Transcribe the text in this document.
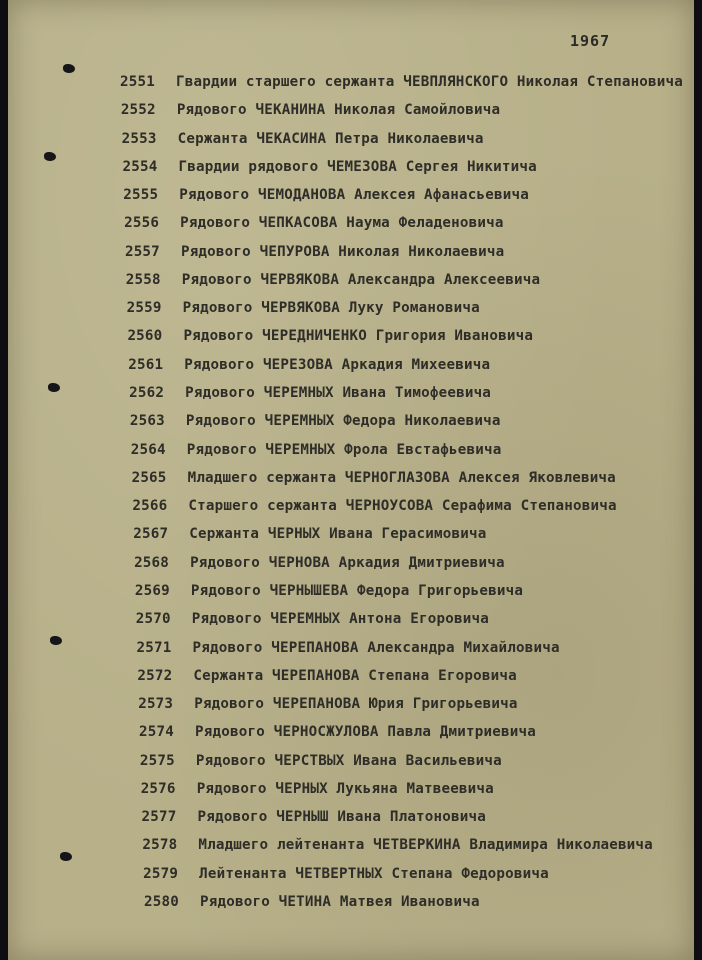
1967
2551 Гвардии старшего сержанта ЧЕВПЛЯНСКОГО Николая Степановича
2552 Рядового ЧЕКАНИНА Николая Самойловича
2553 Сержанта ЧЕКАСИНА Петра Николаевича
2554 Гвардии рядового ЧЕМЕЗОВА Сергея Никитича
2555 Рядового ЧЕМОДАНОВА Алексея Афанасьевича
2556 Рядового ЧЕПКАСОВА Наума Феладеновича
2557 Рядового ЧЕПУРОВА Николая Николаевича
2558 Рядового ЧЕРВЯКОВА Александра Алексеевича
2559 Рядового ЧЕРВЯКОВА Луку Романовича
2560 Рядового ЧЕРЕДНИЧЕНКО Григория Ивановича
2561 Рядового ЧЕРЕЗОВА Аркадия Михеевича
2562 Рядового ЧЕРЕМНЫХ Ивана Тимофеевича
2563 Рядового ЧЕРЕМНЫХ Федора Николаевича
2564 Рядового ЧЕРЕМНЫХ Фрола Евстафьевича
2565 Младшего сержанта ЧЕРНОГЛАЗОВА Алексея Яковлевича
2566 Старшего сержанта ЧЕРНОУСОВА Серафима Степановича
2567 Сержанта ЧЕРНЫХ Ивана Герасимовича
2568 Рядового ЧЕРНОВА Аркадия Дмитриевича
2569 Рядового ЧЕРНЫШЕВА Федора Григорьевича
2570 Рядового ЧЕРЕМНЫХ Антона Егоровича
2571 Рядового ЧЕРЕПАНОВА Александра Михайловича
2572 Сержанта ЧЕРЕПАНОВА Степана Егоровича
2573 Рядового ЧЕРЕПАНОВА Юрия Григорьевича
2574 Рядового ЧЕРНОСЖУЛОВА Павла Дмитриевича
2575 Рядового ЧЕРСТВЫХ Ивана Васильевича
2576 Рядового ЧЕРНЫХ Лукьяна Матвеевича
2577 Рядового ЧЕРНЫШ Ивана Платоновича
2578 Младшего лейтенанта ЧЕТВЕРКИНА Владимира Николаевича
2579 Лейтенанта ЧЕТВЕРТНЫХ Степана Федоровича
2580 Рядового ЧЕТИНА Матвея Ивановича
